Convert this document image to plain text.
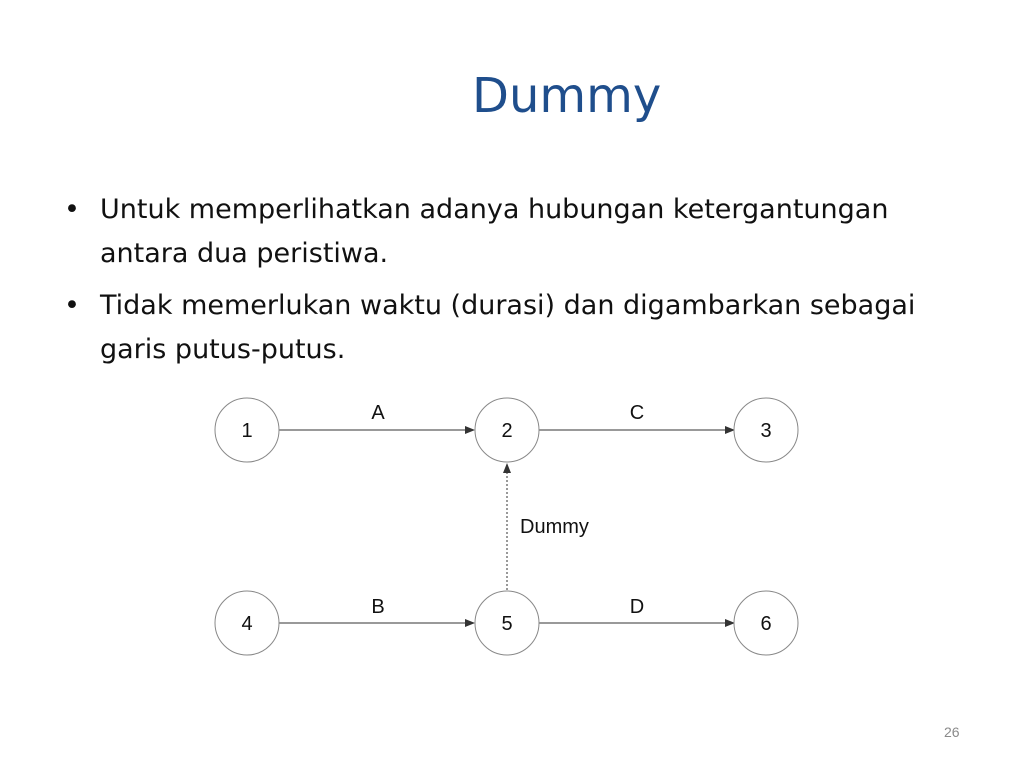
Dummy
• Untuk memperlihatkan adanya hubungan ketergantungan antara dua peristiwa.
• Tidak memerlukan waktu (durasi) dan digambarkan sebagai garis putus-putus.
1	2	3
4	5	6
A	C
B	D
Dummy
26
